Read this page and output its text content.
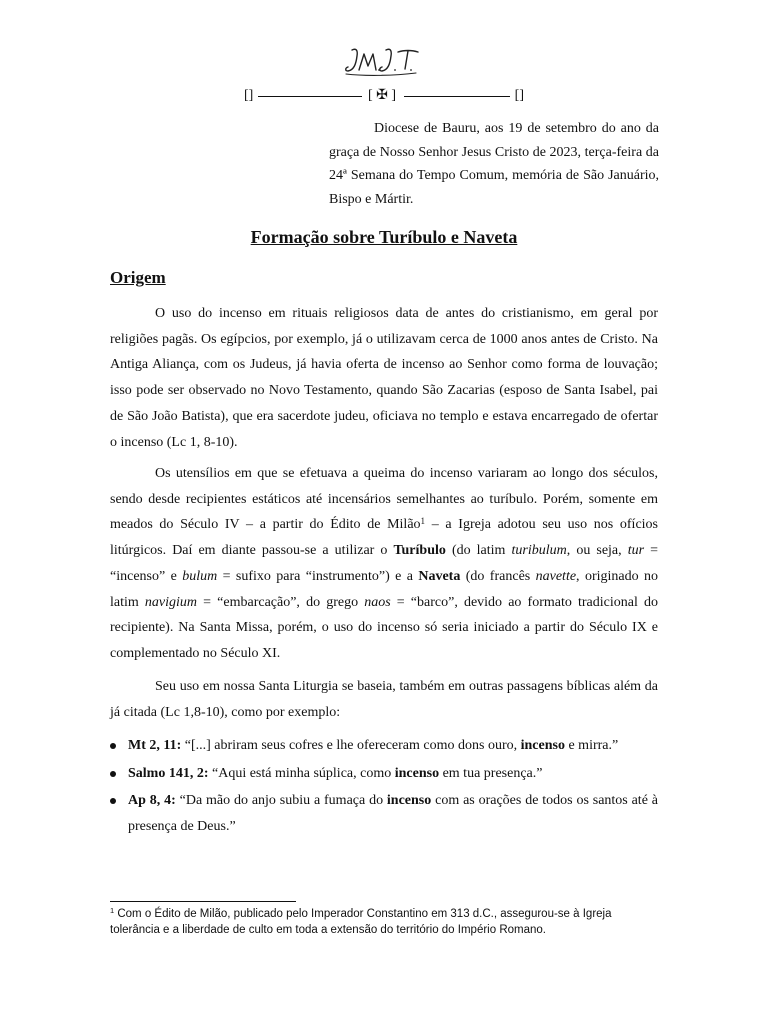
[]	[ ✠ ]	[]
Diocese de Bauru, aos 19 de setembro do ano da graça de Nosso Senhor Jesus Cristo de 2023, terça-feira da 24ª Semana do Tempo Comum, memória de São Januário, Bispo e Mártir.
Formação sobre Turíbulo e Naveta
Origem
O uso do incenso em rituais religiosos data de antes do cristianismo, em geral por religiões pagãs. Os egípcios, por exemplo, já o utilizavam cerca de 1000 anos antes de Cristo. Na Antiga Aliança, com os Judeus, já havia oferta de incenso ao Senhor como forma de louvação; isso pode ser observado no Novo Testamento, quando São Zacarias (esposo de Santa Isabel, pai de São João Batista), que era sacerdote judeu, oficiava no templo e estava encarregado de ofertar o incenso (Lc 1, 8-10).
Os utensílios em que se efetuava a queima do incenso variaram ao longo dos séculos, sendo desde recipientes estáticos até incensários semelhantes ao turíbulo. Porém, somente em meados do Século IV – a partir do Édito de Milão$^1$ – a Igreja adotou seu uso nos ofícios litúrgicos. Daí em diante passou-se a utilizar o Turíbulo (do latim turibulum, ou seja, tur = “incenso” e bulum = sufixo para “instrumento”) e a Naveta (do francês navette, originado no latim navigium = “embarcação”, do grego naos = “barco”, devido ao formato tradicional do recipiente). Na Santa Missa, porém, o uso do incenso só seria iniciado a partir do Século IX e complementado no Século XI.
Seu uso em nossa Santa Liturgia se baseia, também em outras passagens bíblicas além da já citada (Lc 1,8-10), como por exemplo:
Mt 2, 11: “[...] abriram seus cofres e lhe ofereceram como dons ouro, incenso e mirra.”
Salmo 141, 2: “Aqui está minha súplica, como incenso em tua presença.”
Ap 8, 4: “Da mão do anjo subiu a fumaça do incenso com as orações de todos os santos até à presença de Deus.”
$^1$ Com o Édito de Milão, publicado pelo Imperador Constantino em 313 d.C., assegurou-se à Igreja tolerância e a liberdade de culto em toda a extensão do território do Império Romano.
